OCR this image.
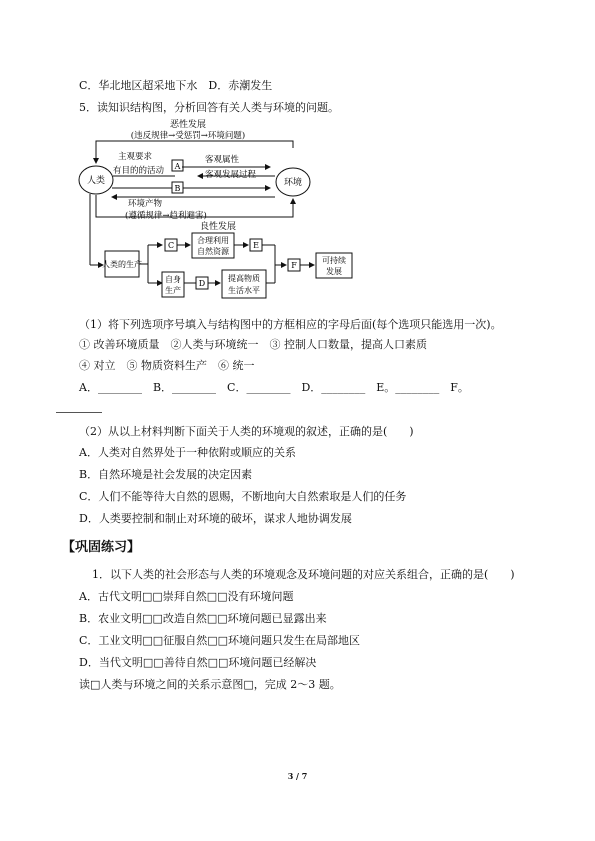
C．华北地区超采地下水　D．赤潮发生
5．读知识结构图，分析回答有关人类与环境的问题。
恶性发展
(违反规律→受惩罚→环境问题)
人类	环境
主观要求
有目的的活动 A
客观属性
客观发展过程
B
环境产物
(遵循规律→趋利避害)
良性发展
人类的生产
C
合理利用自然资源
自身生产
D
提高物质生活水平
E
F
可持续发展
（1）将下列选项序号填入与结构图中的方框相应的字母后面(每个选项只能选用一次)。
① 改善环境质量　②人类与环境统一　③ 控制人口数量，提高人口素质
④ 对立　⑤ 物质资料生产　⑥ 统一
A．________　B．________　C．________　D．________　E。________　F。
（2）从以上材料判断下面关于人类的环境观的叙述，正确的是(　　)
A．人类对自然界处于一种依附或顺应的关系
B．自然环境是社会发展的决定因素
C．人们不能等待大自然的恩赐，不断地向大自然索取是人们的任务
D．人类要控制和制止对环境的破坏，谋求人地协调发展
【巩固练习】
1．以下人类的社会形态与人类的环境观念及环境问题的对应关系组合，正确的是(　　)
A．古代文明□□崇拜自然□□没有环境问题
B．农业文明□□改造自然□□环境问题已显露出来
C．工业文明□□征服自然□□环境问题只发生在局部地区
D．当代文明□□善待自然□□环境问题已经解决
读□人类与环境之间的关系示意图□，完成 2～3 题。
3 / 7
